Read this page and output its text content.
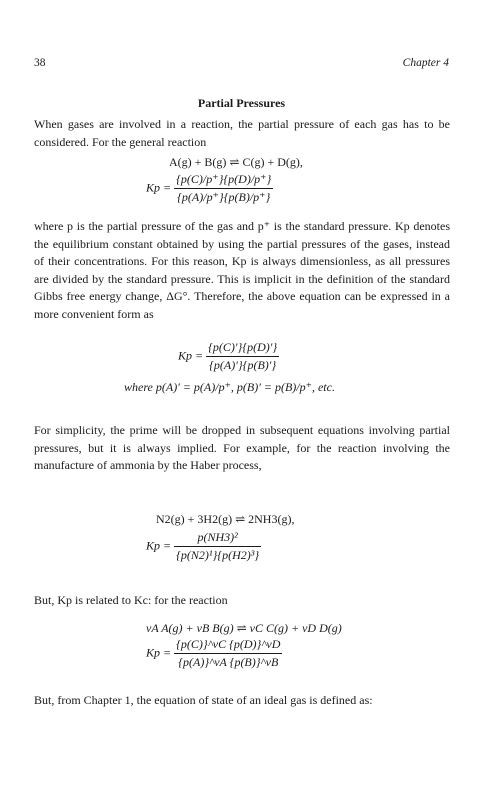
38	Chapter 4
Partial Pressures

When gases are involved in a reaction, the partial pressure of each gas has to be considered. For the general reaction

A(g) + B(g) ⇌ C(g) + D(g),
$Kp = \frac{\{p(C)/p^+\}\{p(D)/p^+\}}{\{p(A)/p^+\}\{p(B)/p^+\}}$

where p is the partial pressure of the gas and p⁺ is the standard pressure. Kp denotes the equilibrium constant obtained by using the partial pressures of the gases, instead of their concentrations. For this reason, Kp is always dimensionless, as all pressures are divided by the standard pressure. This is implicit in the definition of the standard Gibbs free energy change, ΔG°. Therefore, the above equation can be expressed in a more convenient form as

$Kp = \frac{\{p(C)'\}\{p(D)'\}}{\{p(A)'\}\{p(B)'\}}$
where p(A)′ = p(A)/p⁺, p(B)′ = p(B)/p⁺, etc.

For simplicity, the prime will be dropped in subsequent equations involving partial pressures, but it is always implied. For example, for the reaction involving the manufacture of ammonia by the Haber process,

N2(g) + 3H2(g) ⇌ 2NH3(g),
$Kp = \frac{\text{p(NH3)²}}{\text{\{p(N2)¹\}\{p(H2)³\}}}$

But, Kp is related to Kc: for the reaction

νA A(g) + νB B(g) ⇌ νC C(g) + νD D(g)
$Kp = \frac{\{p(C)\}\^{}\nu C \{p(D)\}\^{}\nu D}{\{p(A)\}\^{}\nu A \{p(B)\}\^{}\nu B}$

But, from Chapter 1, the equation of state of an ideal gas is defined as:
